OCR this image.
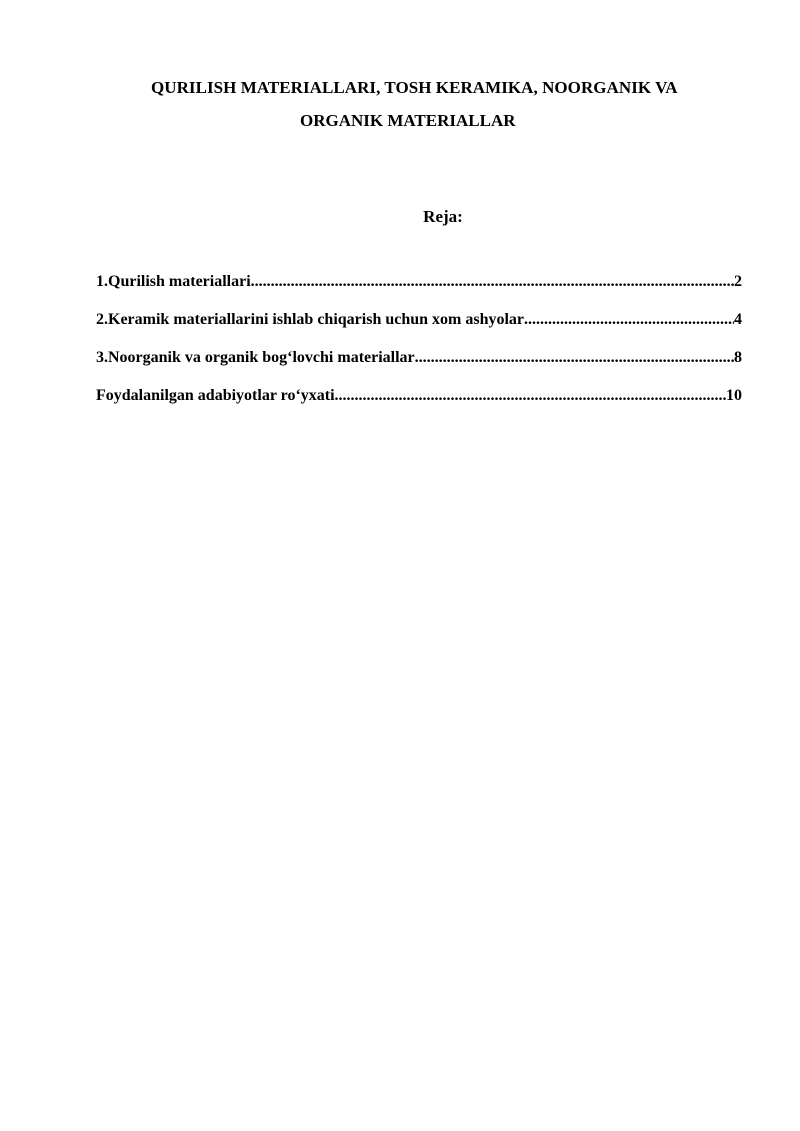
QURILISH MATERIALLARI, TOSH KERAMIKA, NOORGANIK VA
ORGANIK MATERIALLAR
Reja:
1.Qurilish materiallari .....	2
2.Keramik materiallarini ishlab chiqarish uchun xom ashyolar .....	4
3.Noorganik va organik bog‘lovchi materiallar .....	8
Foydalanilgan adabiyotlar ro‘yxati .....	10
